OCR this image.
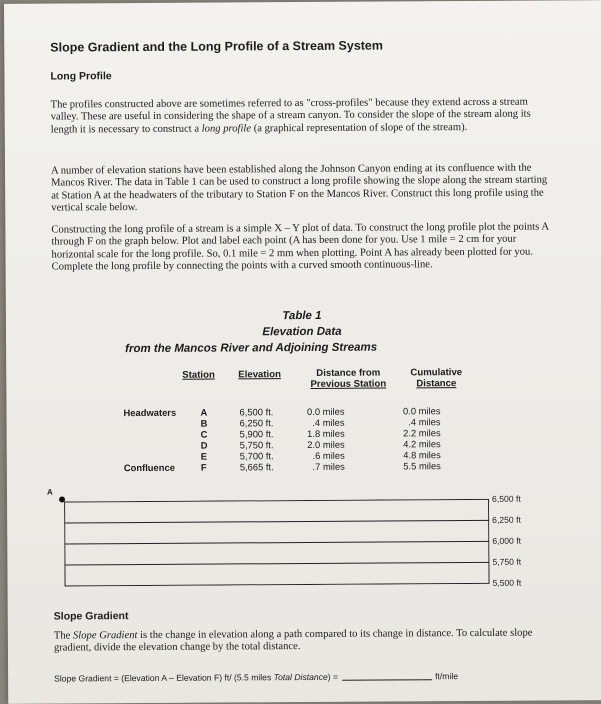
Slope Gradient and the Long Profile of a Stream System
Long Profile
The profiles constructed above are sometimes referred to as "cross-profiles" because they extend across a stream valley. These are useful in considering the shape of a stream canyon. To consider the slope of the stream along its length it is necessary to construct a long profile (a graphical representation of slope of the stream).
A number of elevation stations have been established along the Johnson Canyon ending at its confluence with the Mancos River. The data in Table 1 can be used to construct a long profile showing the slope along the stream starting at Station A at the headwaters of the tributary to Station F on the Mancos River. Construct this long profile using the vertical scale below.
Constructing the long profile of a stream is a simple X – Y plot of data. To construct the long profile plot the points A through F on the graph below. Plot and label each point (A has been done for you. Use 1 mile = 2 cm for your horizontal scale for the long profile. So, 0.1 mile = 2 mm when plotting. Point A has already been plotted for you. Complete the long profile by connecting the points with a curved smooth continuous-line.
Table 1
Elevation Data
from the Mancos River and Adjoining Streams
Station Elevation	Distance from
Previous Station
Cumulative
Distance
Headwaters
Confluence
A
B
C
D
E
F
6,500 ft.
6,250 ft.
5,900 ft.
5,750 ft.
5,700 ft.
5,665 ft.
0.0 miles
.4 miles
1.8 miles
2.0 miles
.6 miles
.7 miles
0.0 miles
.4 miles
2.2 miles
4.2 miles
4.8 miles
5.5 miles
A
6,500 ft
6,250 ft
6,000 ft
5,750 ft
5,500 ft
Slope Gradient
The Slope Gradient is the change in elevation along a path compared to its change in distance. To calculate slope gradient, divide the elevation change by the total distance.
Slope Gradient = (Elevation A – Elevation F) ft/ (5.5 miles Total Distance) =	ft/mile
